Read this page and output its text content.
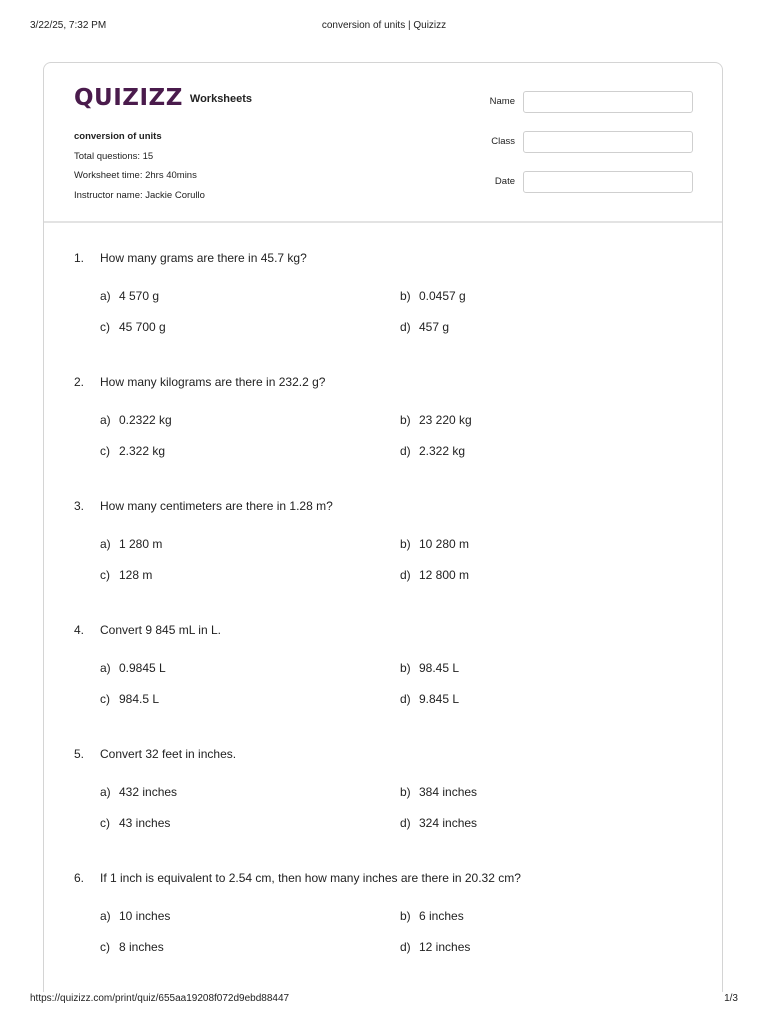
conversion of units | Quizizz
3/22/25, 7:32 PM
QUIZIZZ Worksheets
conversion of units
Total questions: 15
Worksheet time: 2hrs 40mins
Instructor name: Jackie Corullo
Name
Class
Date
1. How many grams are there in 45.7 kg?
a) 4 570 g	b) 0.0457 g
c) 45 700 g	d) 457 g
2. How many kilograms are there in 232.2 g?
a) 0.2322 kg	b) 23 220 kg
c) 2.322 kg	d) 2.322 kg
3. How many centimeters are there in 1.28 m?
a) 1 280 m	b) 10 280 m
c) 128 m	d) 12 800 m
4. Convert 9 845 mL in L.
a) 0.9845 L	b) 98.45 L
c) 984.5 L	d) 9.845 L
5. Convert 32 feet in inches.
a) 432 inches	b) 384 inches
c) 43 inches	d) 324 inches
6. If 1 inch is equivalent to 2.54 cm, then how many inches are there in 20.32 cm?
a) 10 inches	b) 6 inches
c) 8 inches	d) 12 inches
https://quizizz.com/print/quiz/655aa19208f072d9ebd88447	1/3
